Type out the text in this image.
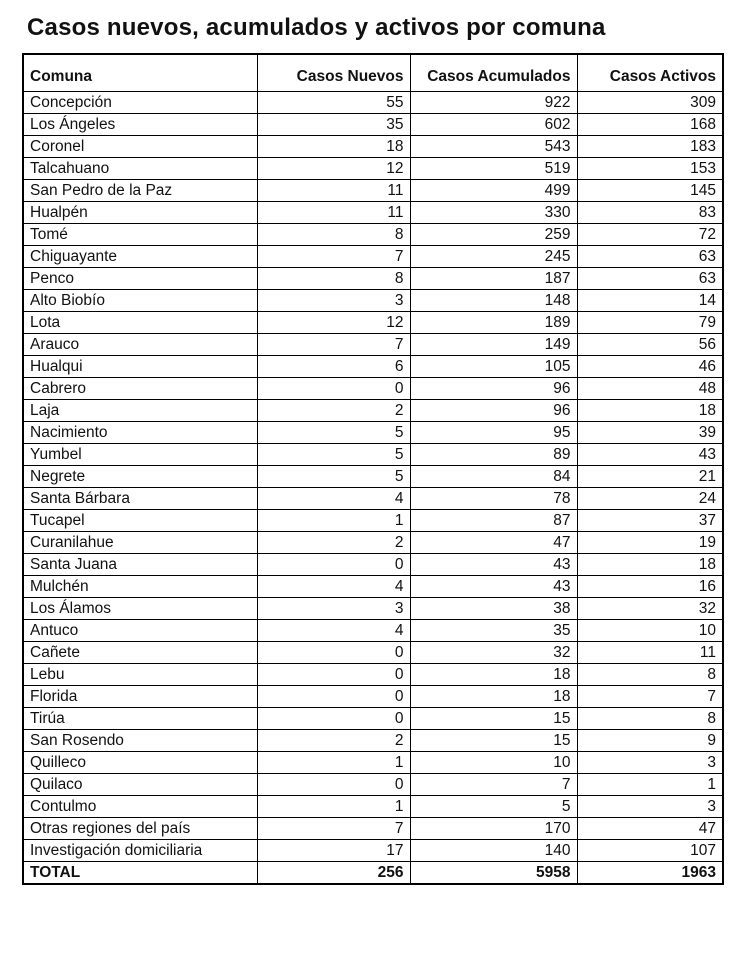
Casos nuevos, acumulados y activos por comuna
Comuna	Casos Nuevos	Casos Acumulados	Casos Activos
Concepción	55	922	309
Los Ángeles	35	602	168
Coronel	18	543	183
Talcahuano	12	519	153
San Pedro de la Paz	11	499	145
Hualpén	11	330	83
Tomé	8	259	72
Chiguayante	7	245	63
Penco	8	187	63
Alto Biobío	3	148	14
Lota	12	189	79
Arauco	7	149	56
Hualqui	6	105	46
Cabrero	0	96	48
Laja	2	96	18
Nacimiento	5	95	39
Yumbel	5	89	43
Negrete	5	84	21
Santa Bárbara	4	78	24
Tucapel	1	87	37
Curanilahue	2	47	19
Santa Juana	0	43	18
Mulchén	4	43	16
Los Álamos	3	38	32
Antuco	4	35	10
Cañete	0	32	11
Lebu	0	18	8
Florida	0	18	7
Tirúa	0	15	8
San Rosendo	2	15	9
Quilleco	1	10	3
Quilaco	0	7	1
Contulmo	1	5	3
Otras regiones del país	7	170	47
Investigación domiciliaria	17	140	107
TOTAL	256	5958	1963
